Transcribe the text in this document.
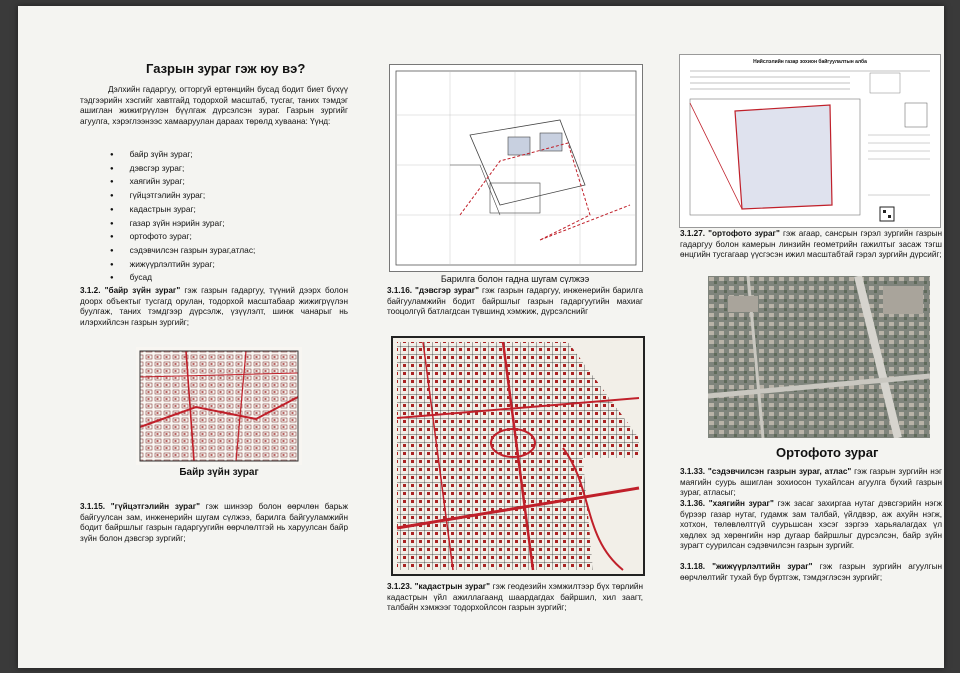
Газрын зураг гэж юу вэ?
Дэлхийн гадаргуу, огторгуй ертөнцийн бусад бодит биет бүхүү тэдгээрийн хэсгийг хавтгайд тодорхой масштаб, тусгаг, таних тэмдэг ашиглан жижигрүүлэн бүүлгаж дүрсэлсэн зураг. Газрын зургийг агуулга, хэрэглээнээс хамааруулан дараах төрөлд хуваана: Үүнд:
● байр зүйн зураг;
● дэвсгэр зураг;
● хаягийн зураг;
● гүйцэтгэлийн зураг;
● кадастрын зураг;
● газар зүйн нэрийн зураг;
● ортофото зураг;
● сэдэвчилсэн газрын зураг,атлас;
● жижүүрлэлтийн зураг;
● бусад
3.1.2. "байр зүйн зураг" гэж газрын гадаргуу, түүний дээрх болон доорх объектыг тусгагд орулан, тодорхой масштабаар жижигрүүлэн буулгаж, таних тэмдгээр дүрсэлж, үзүүлэлт, шинж чанарыг нь илэрхийлсэн газрын зургийг;
Байр зүйн зураг
3.1.15. "гүйцэтгэлийн зураг" гэж шинээр болон өөрчлөн барьж байгуулсан зам, инженерийн шугам сүлжээ, барилга байгууламжийн бодит байршлыг газрын гадаргуугийн өөрчлөлтгэй нь харуулсан байр зүйн болон дэвсгэр зургийг;
Барилга болон гадна шугам сүлжээ
3.1.16. "дэвсгэр зураг" гэж газрын гадаргуу, инженерийн барилга байгууламжийн бодит байршлыг газрын гадаргуугийн махиаг тооцолгүй батлагдсан түвшинд хэмжиж, дүрсэлснийг
3.1.23. "кадастрын зураг" гэж геодезийн хэмжилтээр бүх төрлийн кадастрын үйл ажиллагаанд шаардагдах байршил, хил заагт, талбайн хэмжээг тодорхойлсон газрын зургийг;
Нийслэлийн газар зохион байгуулалтын алба
3.1.27. "ортофото зураг" гэж агаар, сансрын гэрэл зургийн газрын гадаргуу болон камерын линзийн геометрийн гажилтыг засаж тэгш өнцгийн тусгагаар үүсгэсэн ижил масштабтай гэрэл зургийн дүрсийг;
Ортофото зураг
3.1.33. "сэдэвчилсэн газрын зураг, атлас" гэж газрын зургийн нэг маягийн суурь ашиглан зохиосон тухайлсан агуулга бүхий газрын зураг, атласыг;
3.1.36. "хаягийн зураг" гэж засаг захиргаа нутаг дэвсгэрийн нэгж бүрээр газар нутаг, гудамж зам талбай, үйлдвэр, аж ахуйн нэгж, хотхон, төлөвлөлтгүй суурьшсан хэсэг зэргээ харьяалагдах үл хөдлөх эд хөрөнгийн нэр дугаар байршлыг дүрсэлсэн, байр зүйн зурагт суурилсан сэдэвчилсэн газрын зургийг.
3.1.18. "жижүүрлэлтийн зураг" гэж газрын зургийн агуулгын өөрчлөлтийг тухай бүр бүртгэж, тэмдэглэсэн зургийг;
